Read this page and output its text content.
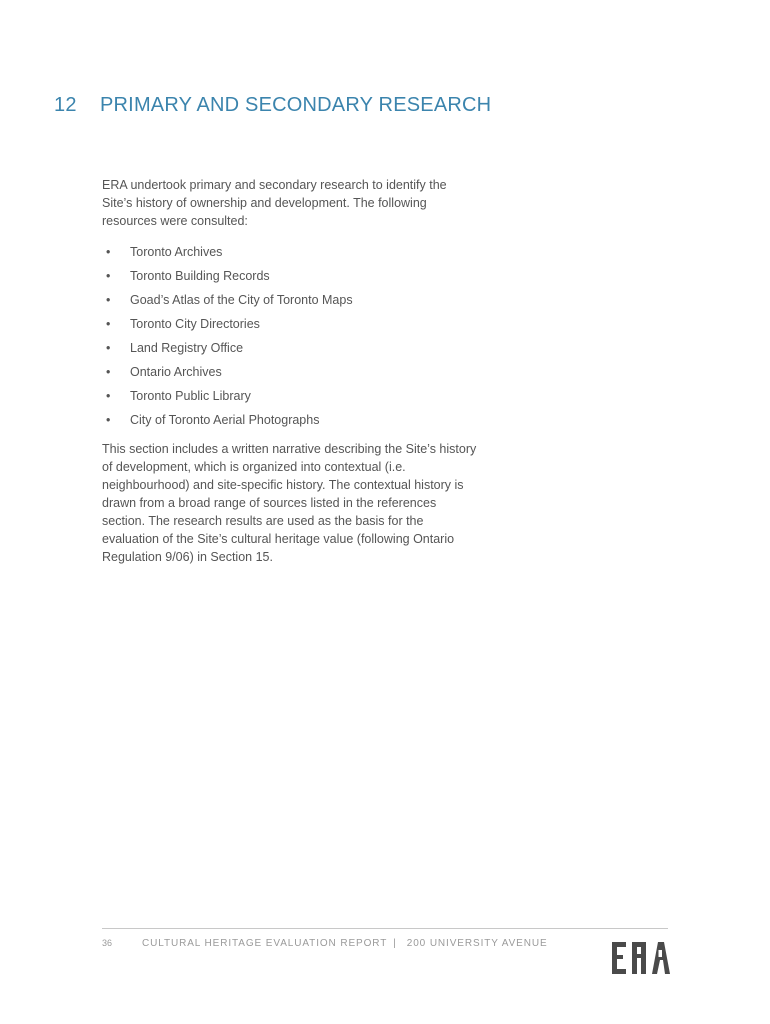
12	PRIMARY AND SECONDARY RESEARCH

ERA undertook primary and secondary research to identify the Site’s history of ownership and development. The following resources were consulted:

• Toronto Archives
• Toronto Building Records
• Goad’s Atlas of the City of Toronto Maps
• Toronto City Directories
• Land Registry Office
• Ontario Archives
• Toronto Public Library
• City of Toronto Aerial Photographs

This section includes a written narrative describing the Site’s history of development, which is organized into contextual (i.e. neighbourhood) and site-specific history. The contextual history is drawn from a broad range of sources listed in the references section. The research results are used as the basis for the evaluation of the Site’s cultural heritage value (following Ontario Regulation 9/06) in Section 15.

36	CULTURAL HERITAGE EVALUATION REPORT | 200 UNIVERSITY AVENUE
